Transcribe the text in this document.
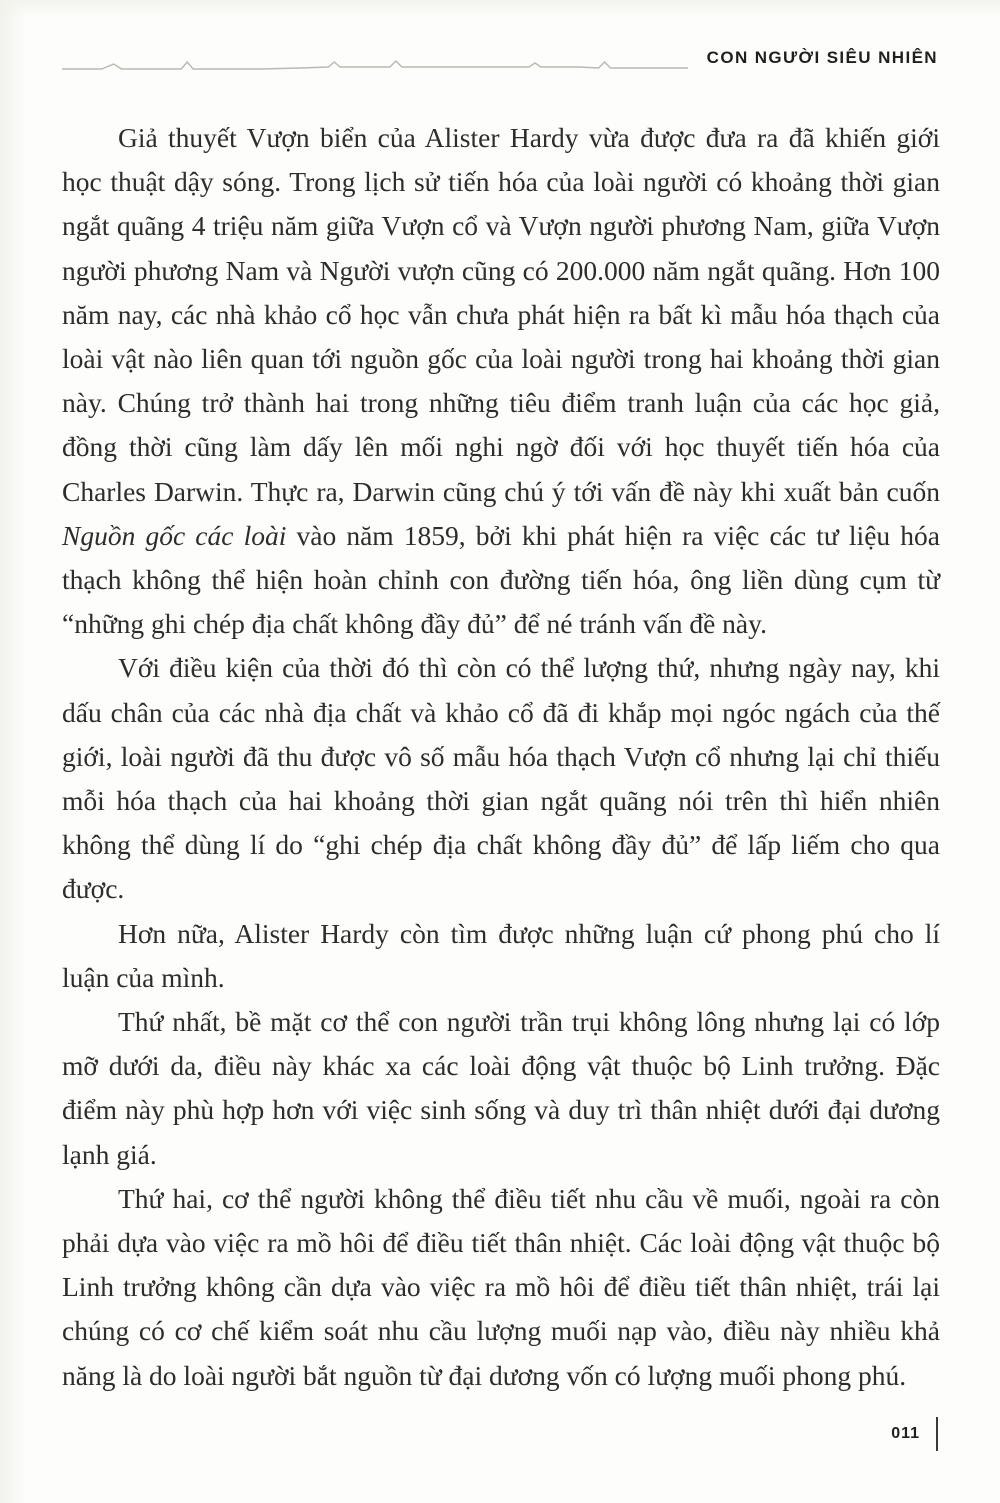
CON NGƯỜI SIÊU NHIÊN

Giả thuyết Vượn biển của Alister Hardy vừa được đưa ra đã khiến giới học thuật dậy sóng. Trong lịch sử tiến hóa của loài người có khoảng thời gian ngắt quãng 4 triệu năm giữa Vượn cổ và Vượn người phương Nam, giữa Vượn người phương Nam và Người vượn cũng có 200.000 năm ngắt quãng. Hơn 100 năm nay, các nhà khảo cổ học vẫn chưa phát hiện ra bất kì mẫu hóa thạch của loài vật nào liên quan tới nguồn gốc của loài người trong hai khoảng thời gian này. Chúng trở thành hai trong những tiêu điểm tranh luận của các học giả, đồng thời cũng làm dấy lên mối nghi ngờ đối với học thuyết tiến hóa của Charles Darwin. Thực ra, Darwin cũng chú ý tới vấn đề này khi xuất bản cuốn Nguồn gốc các loài vào năm 1859, bởi khi phát hiện ra việc các tư liệu hóa thạch không thể hiện hoàn chỉnh con đường tiến hóa, ông liền dùng cụm từ “những ghi chép địa chất không đầy đủ” để né tránh vấn đề này.

Với điều kiện của thời đó thì còn có thể lượng thứ, nhưng ngày nay, khi dấu chân của các nhà địa chất và khảo cổ đã đi khắp mọi ngóc ngách của thế giới, loài người đã thu được vô số mẫu hóa thạch Vượn cổ nhưng lại chỉ thiếu mỗi hóa thạch của hai khoảng thời gian ngắt quãng nói trên thì hiển nhiên không thể dùng lí do “ghi chép địa chất không đầy đủ” để lấp liếm cho qua được.

Hơn nữa, Alister Hardy còn tìm được những luận cứ phong phú cho lí luận của mình.

Thứ nhất, bề mặt cơ thể con người trần trụi không lông nhưng lại có lớp mỡ dưới da, điều này khác xa các loài động vật thuộc bộ Linh trưởng. Đặc điểm này phù hợp hơn với việc sinh sống và duy trì thân nhiệt dưới đại dương lạnh giá.

Thứ hai, cơ thể người không thể điều tiết nhu cầu về muối, ngoài ra còn phải dựa vào việc ra mồ hôi để điều tiết thân nhiệt. Các loài động vật thuộc bộ Linh trưởng không cần dựa vào việc ra mồ hôi để điều tiết thân nhiệt, trái lại chúng có cơ chế kiểm soát nhu cầu lượng muối nạp vào, điều này nhiều khả năng là do loài người bắt nguồn từ đại dương vốn có lượng muối phong phú.

011
